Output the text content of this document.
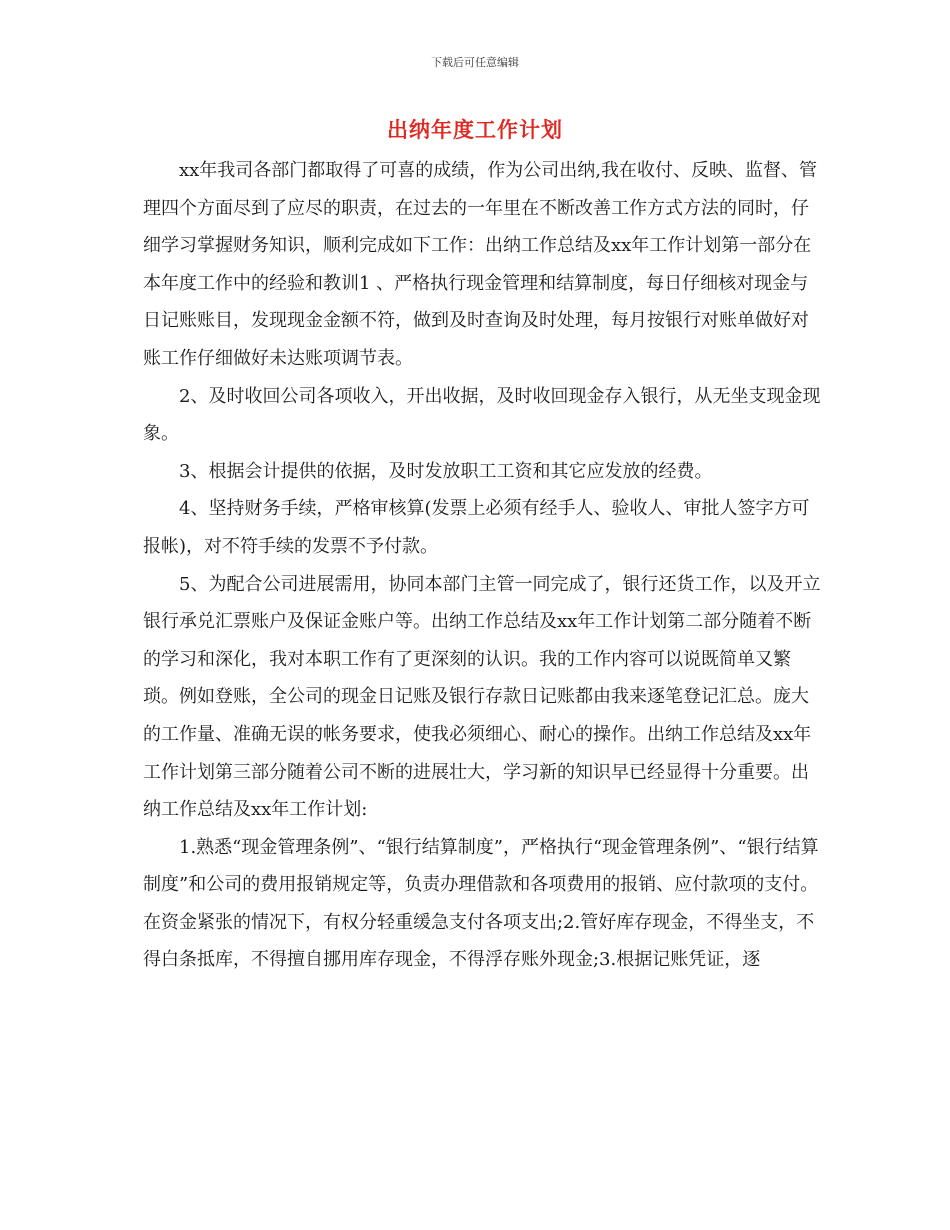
下载后可任意编辑
出纳年度工作计划

xx年我司各部门都取得了可喜的成绩，作为公司出纳,我在收付、反映、监督、管理四个方面尽到了应尽的职责，在过去的一年里在不断改善工作方式方法的同时，仔细学习掌握财务知识，顺利完成如下工作：出纳工作总结及xx年工作计划第一部分在本年度工作中的经验和教训1 、严格执行现金管理和结算制度，每日仔细核对现金与日记账账目，发现现金金额不符，做到及时查询及时处理，每月按银行对账单做好对账工作仔细做好未达账项调节表。

2、及时收回公司各项收入，开出收据，及时收回现金存入银行，从无坐支现金现象。

3、根据会计提供的依据，及时发放职工工资和其它应发放的经费。

4、坚持财务手续，严格审核算(发票上必须有经手人、验收人、审批人签字方可报帐)，对不符手续的发票不予付款。

5、为配合公司进展需用，协同本部门主管一同完成了，银行还货工作，以及开立银行承兑汇票账户及保证金账户等。出纳工作总结及xx年工作计划第二部分随着不断的学习和深化，我对本职工作有了更深刻的认识。我的工作内容可以说既简单又繁琐。例如登账，全公司的现金日记账及银行存款日记账都由我来逐笔登记汇总。庞大的工作量、准确无误的帐务要求，使我必须细心、耐心的操作。出纳工作总结及xx年工作计划第三部分随着公司不断的进展壮大，学习新的知识早已经显得十分重要。出纳工作总结及xx年工作计划:

1.熟悉“现金管理条例”、“银行结算制度”，严格执行“现金管理条例”、“银行结算制度”和公司的费用报销规定等，负责办理借款和各项费用的报销、应付款项的支付。在资金紧张的情况下，有权分轻重缓急支付各项支出;2.管好库存现金，不得坐支，不得白条抵库，不得擅自挪用库存现金，不得浮存账外现金;3.根据记账凭证，逐
